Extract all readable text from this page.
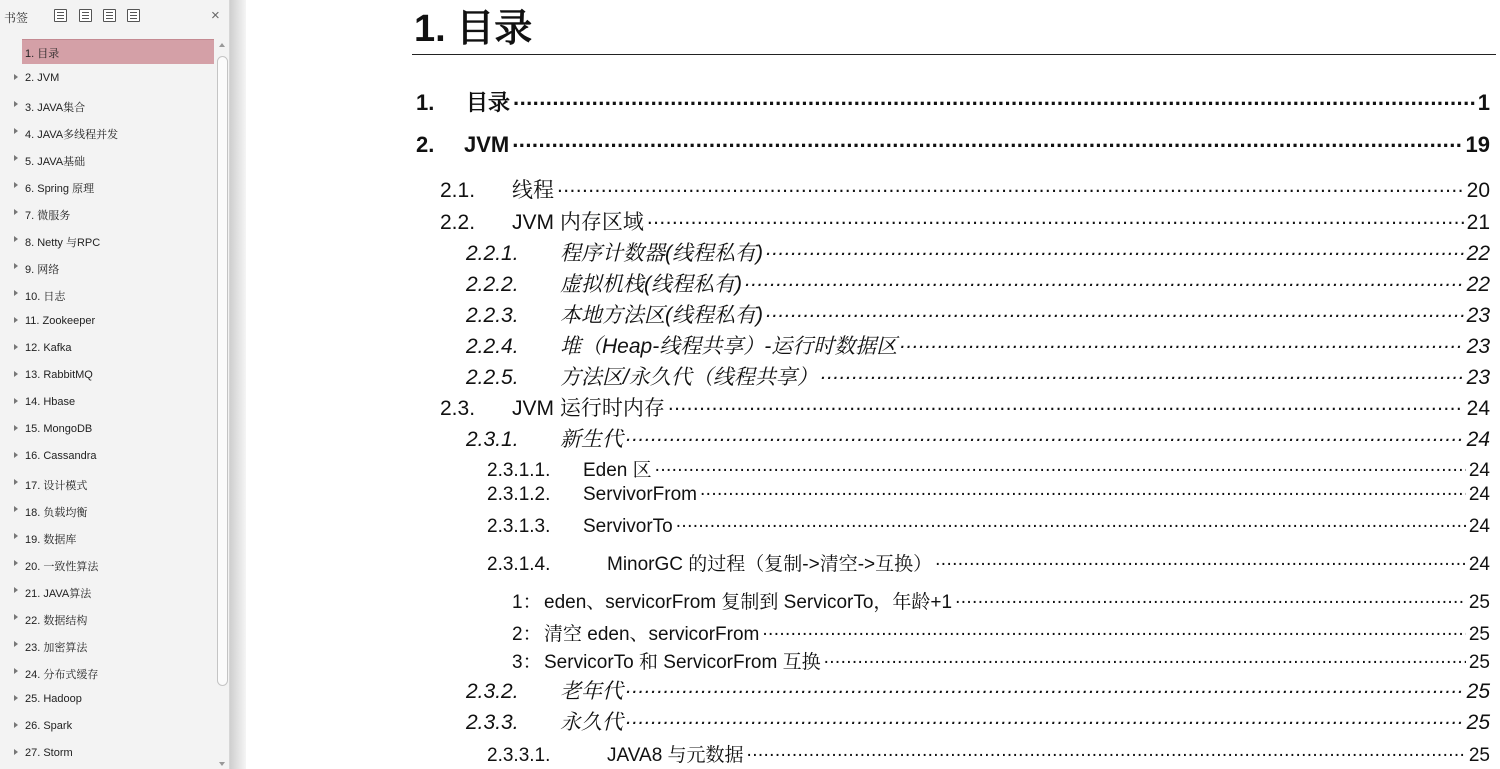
书签	×
1. 目录
2. JVM
3. JAVA集合
4. JAVA多线程并发
5. JAVA基础
6. Spring 原理
7. 微服务
8. Netty 与RPC
9. 网络
10. 日志
11. Zookeeper
12. Kafka
13. RabbitMQ
14. Hbase
15. MongoDB
16. Cassandra
17. 设计模式
18. 负载均衡
19. 数据库
20. 一致性算法
21. JAVA算法
22. 数据结构
23. 加密算法
24. 分布式缓存
25. Hadoop
26. Spark
27. Storm
1. 目录
1.	目录 .....	1
2.	JVM .....	19
2.1.	线程 .....	20
2.2.	JVM 内存区域 .....	21
2.2.1.	程序计数器(线程私有) .....	22
2.2.2.	虚拟机栈(线程私有) .....	22
2.2.3.	本地方法区(线程私有) .....	23
2.2.4.	堆（Heap-线程共享）-运行时数据区 .....	23
2.2.5.	方法区/永久代（线程共享） .....	23
2.3.	JVM 运行时内存 .....	24
2.3.1.	新生代 .....	24
2.3.1.1.	Eden 区 .....	24
2.3.1.2.	ServivorFrom .....	24
2.3.1.3.	ServivorTo .....	24
2.3.1.4.	MinorGC 的过程（复制->清空->互换） .....	24
1： eden、servicorFrom 复制到 ServicorTo，年龄+1 .....	25
2： 清空 eden、servicorFrom .....	25
3： ServicorTo 和 ServicorFrom 互换 .....	25
2.3.2.	老年代 .....	25
2.3.3.	永久代 .....	25
2.3.3.1.	JAVA8 与元数据 .....	25
